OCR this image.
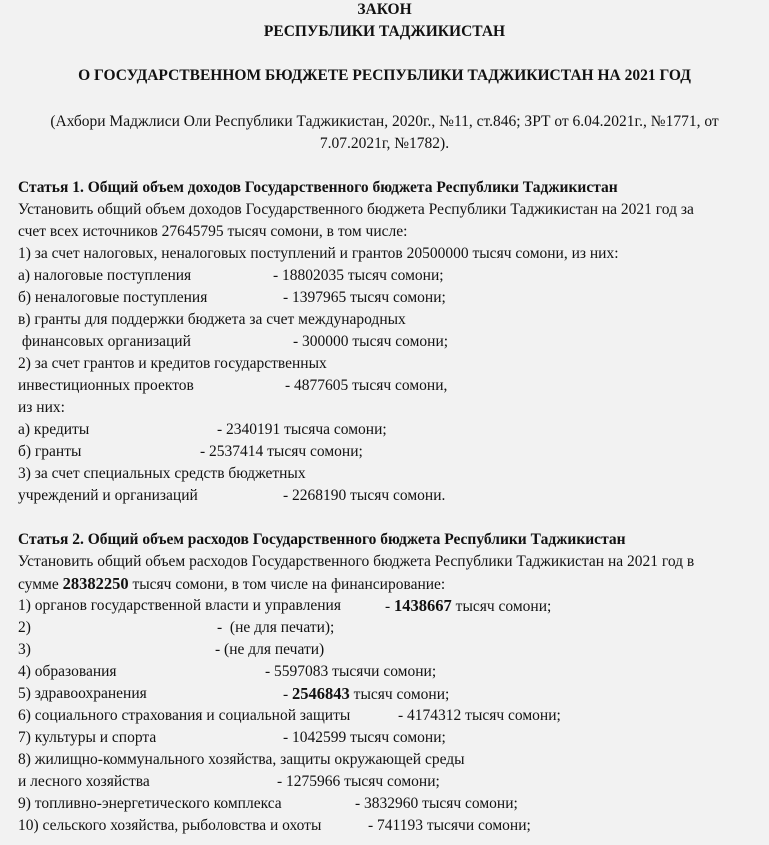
ЗАКОН
РЕСПУБЛИКИ ТАДЖИКИСТАН
О ГОСУДАРСТВЕННОМ БЮДЖЕТЕ РЕСПУБЛИКИ ТАДЖИКИСТАН НА 2021 ГОД
(Ахбори Маджлиси Оли Республики Таджикистан, 2020г., №11, ст.846; ЗРТ от 6.04.2021г., №1771, от
7.07.2021г, №1782).
Статья 1. Общий объем доходов Государственного бюджета Республики Таджикистан
Установить общий объем доходов Государственного бюджета Республики Таджикистан на 2021 год за
счет всех источников 27645795 тысяч сомони, в том числе:
1) за счет налоговых, неналоговых поступлений и грантов 20500000 тысяч сомони, из них:
а) налоговые поступления	- 18802035 тысяч сомони;
б) неналоговые поступления	- 1397965 тысяч сомони;
в) гранты для поддержки бюджета за счет международных
финансовых организаций	- 300000 тысяч сомони;
2) за счет грантов и кредитов государственных
инвестиционных проектов	- 4877605 тысяч сомони,
из них:
а) кредиты	- 2340191 тысяча сомони;
б) гранты	- 2537414 тысяч сомони;
3) за счет специальных средств бюджетных
учреждений и организаций	- 2268190 тысяч сомони.
Статья 2. Общий объем расходов Государственного бюджета Республики Таджикистан
Установить общий объем расходов Государственного бюджета Республики Таджикистан на 2021 год в
сумме 28382250 тысяч сомони, в том числе на финансирование:
1) органов государственной власти и управления	- 1438667 тысяч сомони;
2)	-  (не для печати);
3)	- (не для печати)
4) образования	- 5597083 тысячи сомони;
5) здравоохранения	- 2546843 тысяч сомони;
6) социального страхования и социальной защиты	- 4174312 тысяч сомони;
7) культуры и спорта	- 1042599 тысяч сомони;
8) жилищно-коммунального хозяйства, защиты окружающей среды
и лесного хозяйства	- 1275966 тысяч сомони;
9) топливно-энергетического комплекса	- 3832960 тысяч сомони;
10) сельского хозяйства, рыболовства и охоты	- 741193 тысячи сомони;
